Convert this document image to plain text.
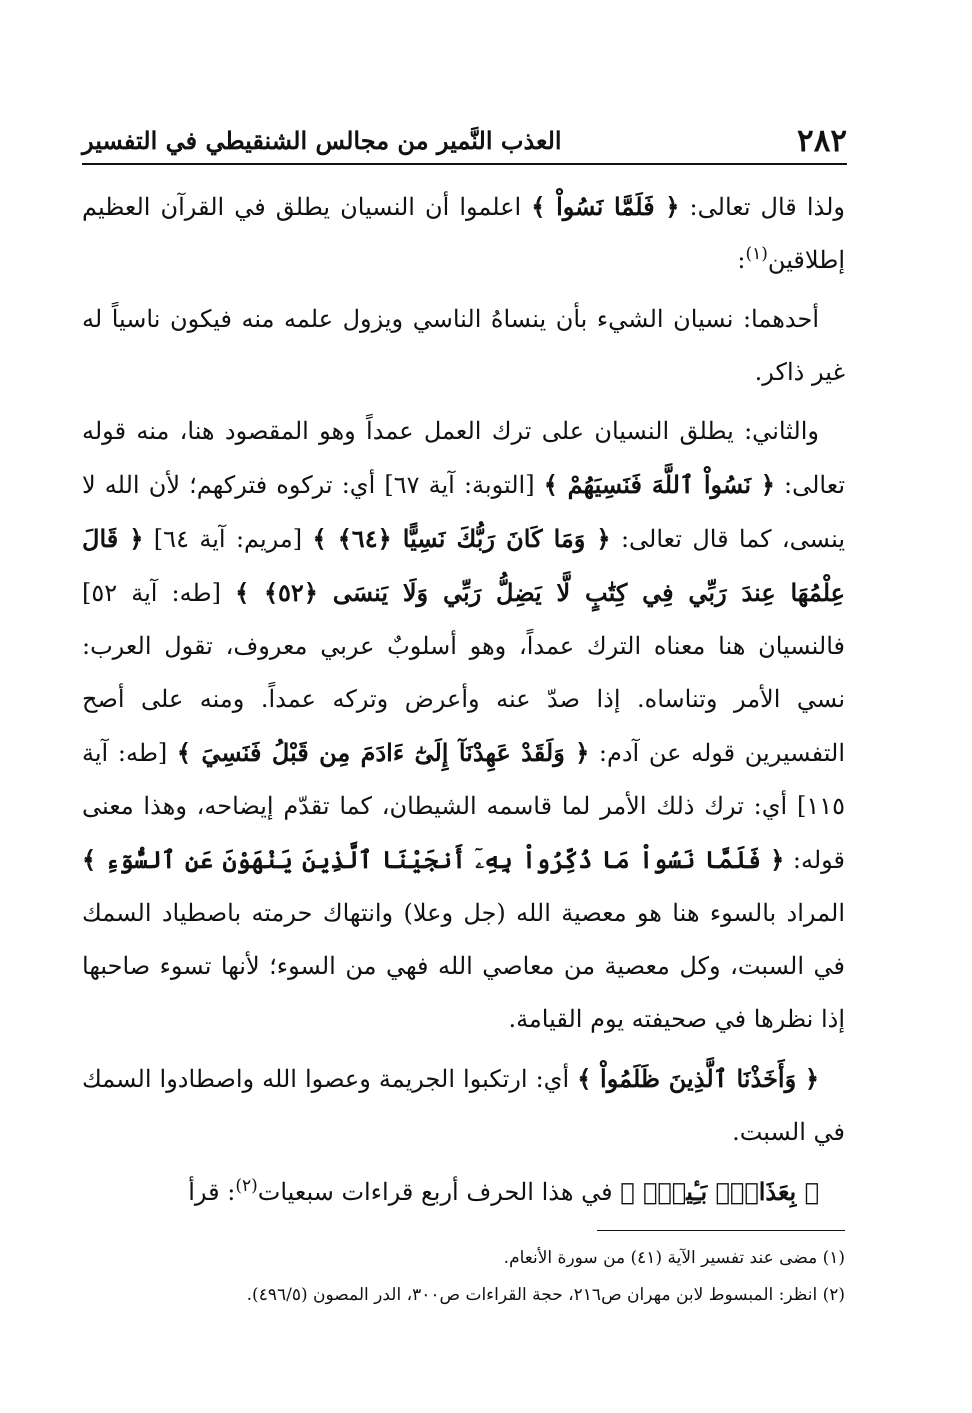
٢٨٢
العذب النَّمير من مجالس الشنقيطي في التفسير

ولذا قال تعالى: ﴿ فَلَمَّا نَسُواْ ﴾ اعلموا أن النسيان يطلق في القرآن العظيم إطلاقين$^{(١)}$:

أحدهما: نسيان الشيء بأن ينساهُ الناسي ويزول علمه منه فيكون ناسياً له غير ذاكر.

والثاني: يطلق النسيان على ترك العمل عمداً وهو المقصود هنا، منه قوله تعالى: ﴿ نَسُواْ ٱللَّهَ فَنَسِيَهُمْ ﴾ [التوبة: آية ٦٧] أي: تركوه فتركهم؛ لأن الله لا ينسى، كما قال تعالى: ﴿ وَمَا كَانَ رَبُّكَ نَسِيًّا ﴿٦٤﴾ ﴾ [مريم: آية ٦٤] ﴿ قَالَ عِلْمُهَا عِندَ رَبِّي فِي كِتَٰبٍ لَّا يَضِلُّ رَبِّي وَلَا يَنسَى ﴿٥٢﴾ ﴾ [طه: آية ٥٢] فالنسيان هنا معناه الترك عمداً، وهو أسلوبٌ عربي معروف، تقول العرب: نسي الأمر وتناساه. إذا صدّ عنه وأعرض وتركه عمداً. ومنه على أصح التفسيرين قوله عن آدم: ﴿ وَلَقَدْ عَهِدْنَآ إِلَىٰٓ ءَادَمَ مِن قَبْلُ فَنَسِيَ ﴾ [طه: آية ١١٥] أي: ترك ذلك الأمر لما قاسمه الشيطان، كما تقدّم إيضاحه، وهذا معنى قوله: ﴿ فَلَمَّا نَسُواْ مَا ذُكِّرُواْ بِهِۦٓ أَنجَيْنَا ٱلَّذِينَ يَنْهَوْنَ عَنِ ٱلسُّوٓءِ ﴾ المراد بالسوء هنا هو معصية الله (جل وعلا) وانتهاك حرمته باصطياد السمك في السبت، وكل معصية من معاصي الله فهي من السوء؛ لأنها تسوء صاحبها إذا نظرها في صحيفته يوم القيامة.

﴿ وَأَخَذْنَا ٱلَّذِينَ ظَلَمُواْ ﴾ أي: ارتكبوا الجريمة وعصوا الله واصطادوا السمك في السبت.

﴿ بِعَذَابٍۭ بَـِٔيسٍۭ ﴾ في هذا الحرف أربع قراءات سبعيات$^{(٢)}$: قرأ

(١) مضى عند تفسير الآية (٤١) من سورة الأنعام.

(٢) انظر: المبسوط لابن مهران ص٢١٦، حجة القراءات ص٣٠٠، الدر المصون (٤٩٦/٥).
